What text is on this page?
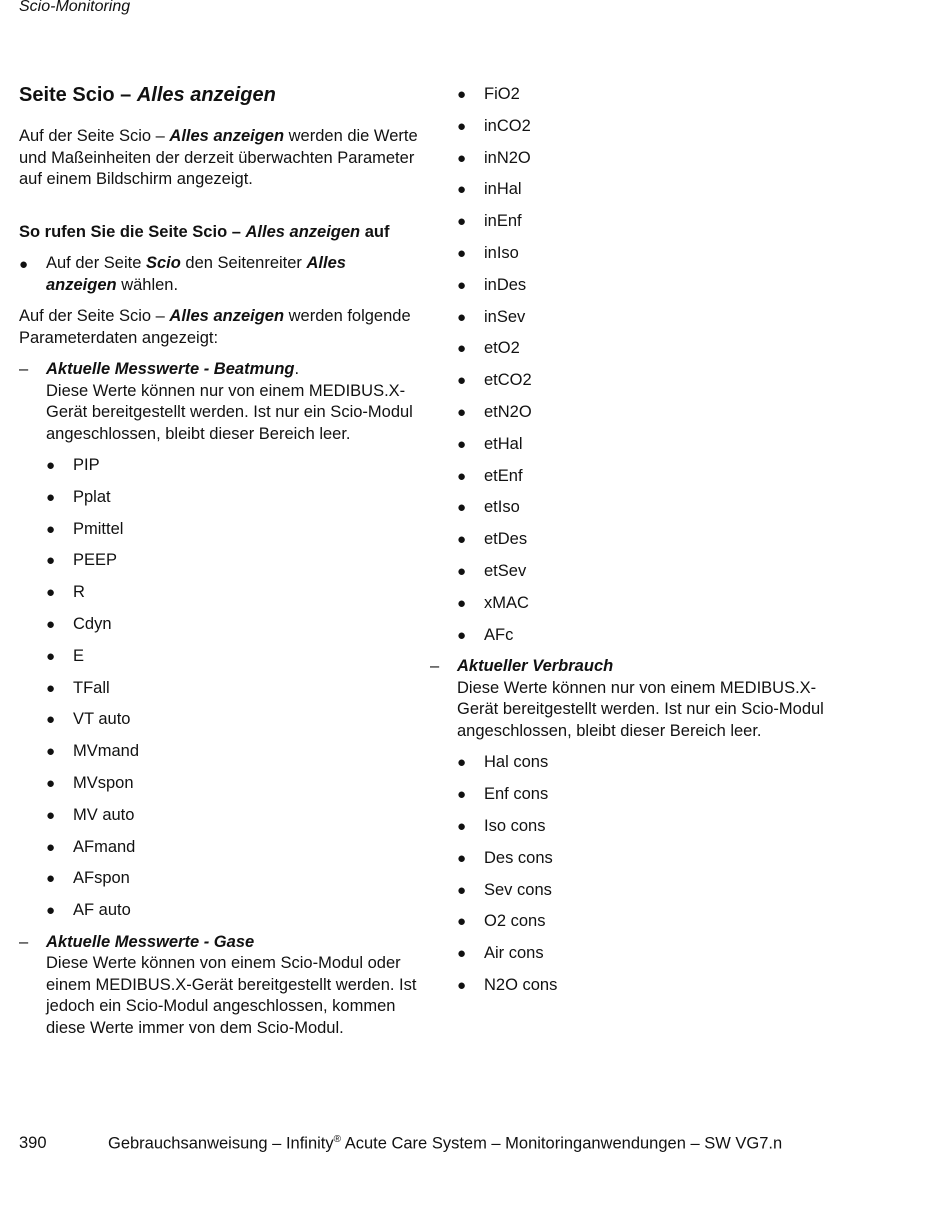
Scio-Monitoring
Seite Scio – Alles anzeigen

Auf der Seite Scio – Alles anzeigen werden die Werte und Maßeinheiten der derzeit überwachten Parameter auf einem Bildschirm angezeigt.

So rufen Sie die Seite Scio – Alles anzeigen auf
●	Auf der Seite Scio den Seitenreiter Alles anzeigen wählen.

Auf der Seite Scio – Alles anzeigen werden folgende Parameterdaten angezeigt:

– Aktuelle Messwerte - Beatmung.
Diese Werte können nur von einem MEDIBUS.X-Gerät bereitgestellt werden. Ist nur ein Scio-Modul angeschlossen, bleibt dieser Bereich leer.
●	PIP
●	Pplat
●	Pmittel
●	PEEP
●	R
●	Cdyn
●	E
●	TFall
●	VT auto
●	MVmand
●	MVspon
●	MV auto
●	AFmand
●	AFspon
●	AF auto
– Aktuelle Messwerte - Gase
Diese Werte können von einem Scio-Modul oder einem MEDIBUS.X-Gerät bereitgestellt werden. Ist jedoch ein Scio-Modul angeschlossen, kommen diese Werte immer von dem Scio-Modul.
●	FiO2
●	inCO2
●	inN2O
●	inHal
●	inEnf
●	inIso
●	inDes
●	inSev
●	etO2
●	etCO2
●	etN2O
●	etHal
●	etEnf
●	etIso
●	etDes
●	etSev
●	xMAC
●	AFc
– Aktueller Verbrauch
Diese Werte können nur von einem MEDIBUS.X-Gerät bereitgestellt werden. Ist nur ein Scio-Modul angeschlossen, bleibt dieser Bereich leer.
●	Hal cons
●	Enf cons
●	Iso cons
●	Des cons
●	Sev cons
●	O2 cons
●	Air cons
●	N2O cons
390	Gebrauchsanweisung – Infinity® Acute Care System – Monitoringanwendungen – SW VG7.n
